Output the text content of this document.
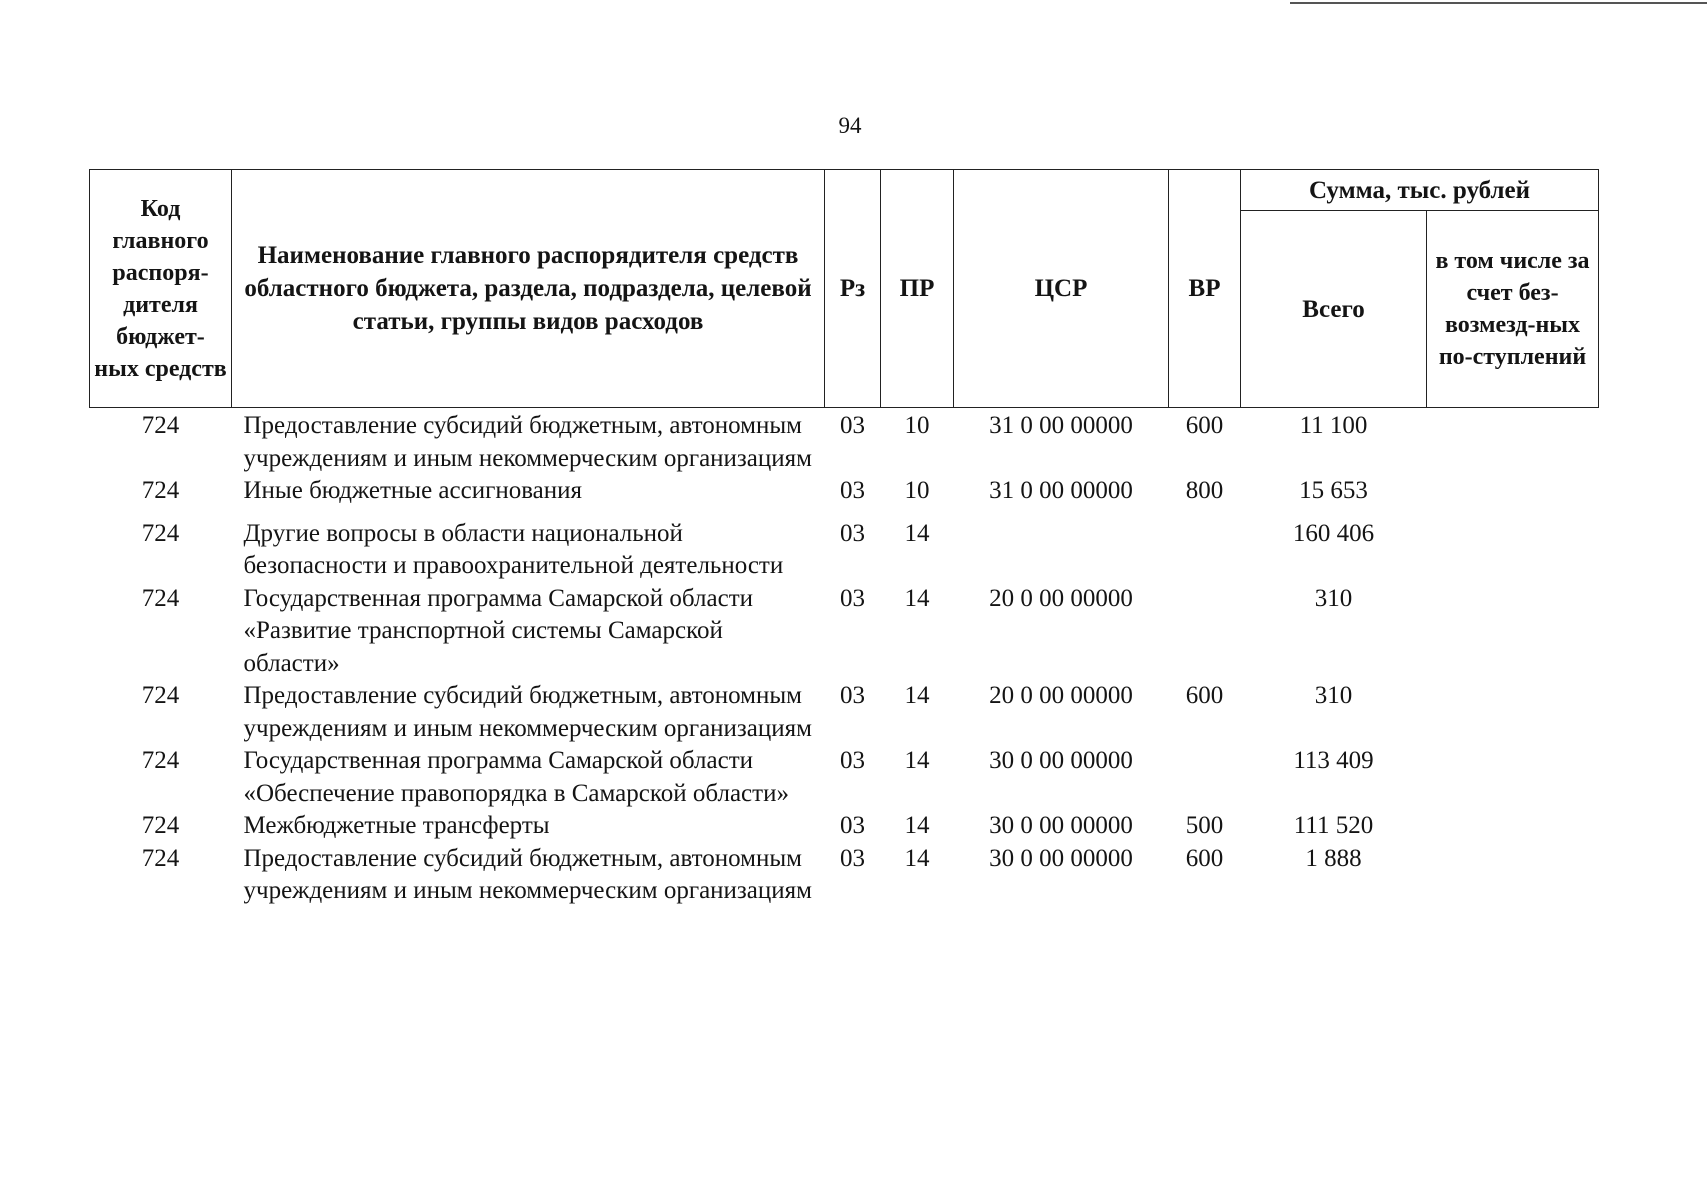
94
Код главного распоря-дителя бюджет-ных средств	Наименование главного распорядителя средств областного бюджета, раздела, подраздела, целевой статьи, группы видов расходов	Рз	ПР	ЦСР	ВР	Сумма, тыс. рублей	
						Всего	в том числе за счет без-возмезд-ных по-ступлений
724	Предоставление субсидий бюджетным, автономным учреждениям и иным некоммерческим организациям	03	10	31 0 00 00000	600	11 100	
724	Иные бюджетные ассигнования	03	10	31 0 00 00000	800	15 653	
724	Другие вопросы в области национальной безопасности и правоохранительной деятельности	03	14			160 406	
724	Государственная программа Самарской области «Развитие транспортной системы Самарской области»	03	14	20 0 00 00000		310	
724	Предоставление субсидий бюджетным, автономным учреждениям и иным некоммерческим организациям	03	14	20 0 00 00000	600	310	
724	Государственная программа Самарской области «Обеспечение правопорядка в Самарской области»	03	14	30 0 00 00000		113 409	
724	Межбюджетные трансферты	03	14	30 0 00 00000	500	111 520	
724	Предоставление субсидий бюджетным, автономным учреждениям и иным некоммерческим организациям	03	14	30 0 00 00000	600	1 888	
